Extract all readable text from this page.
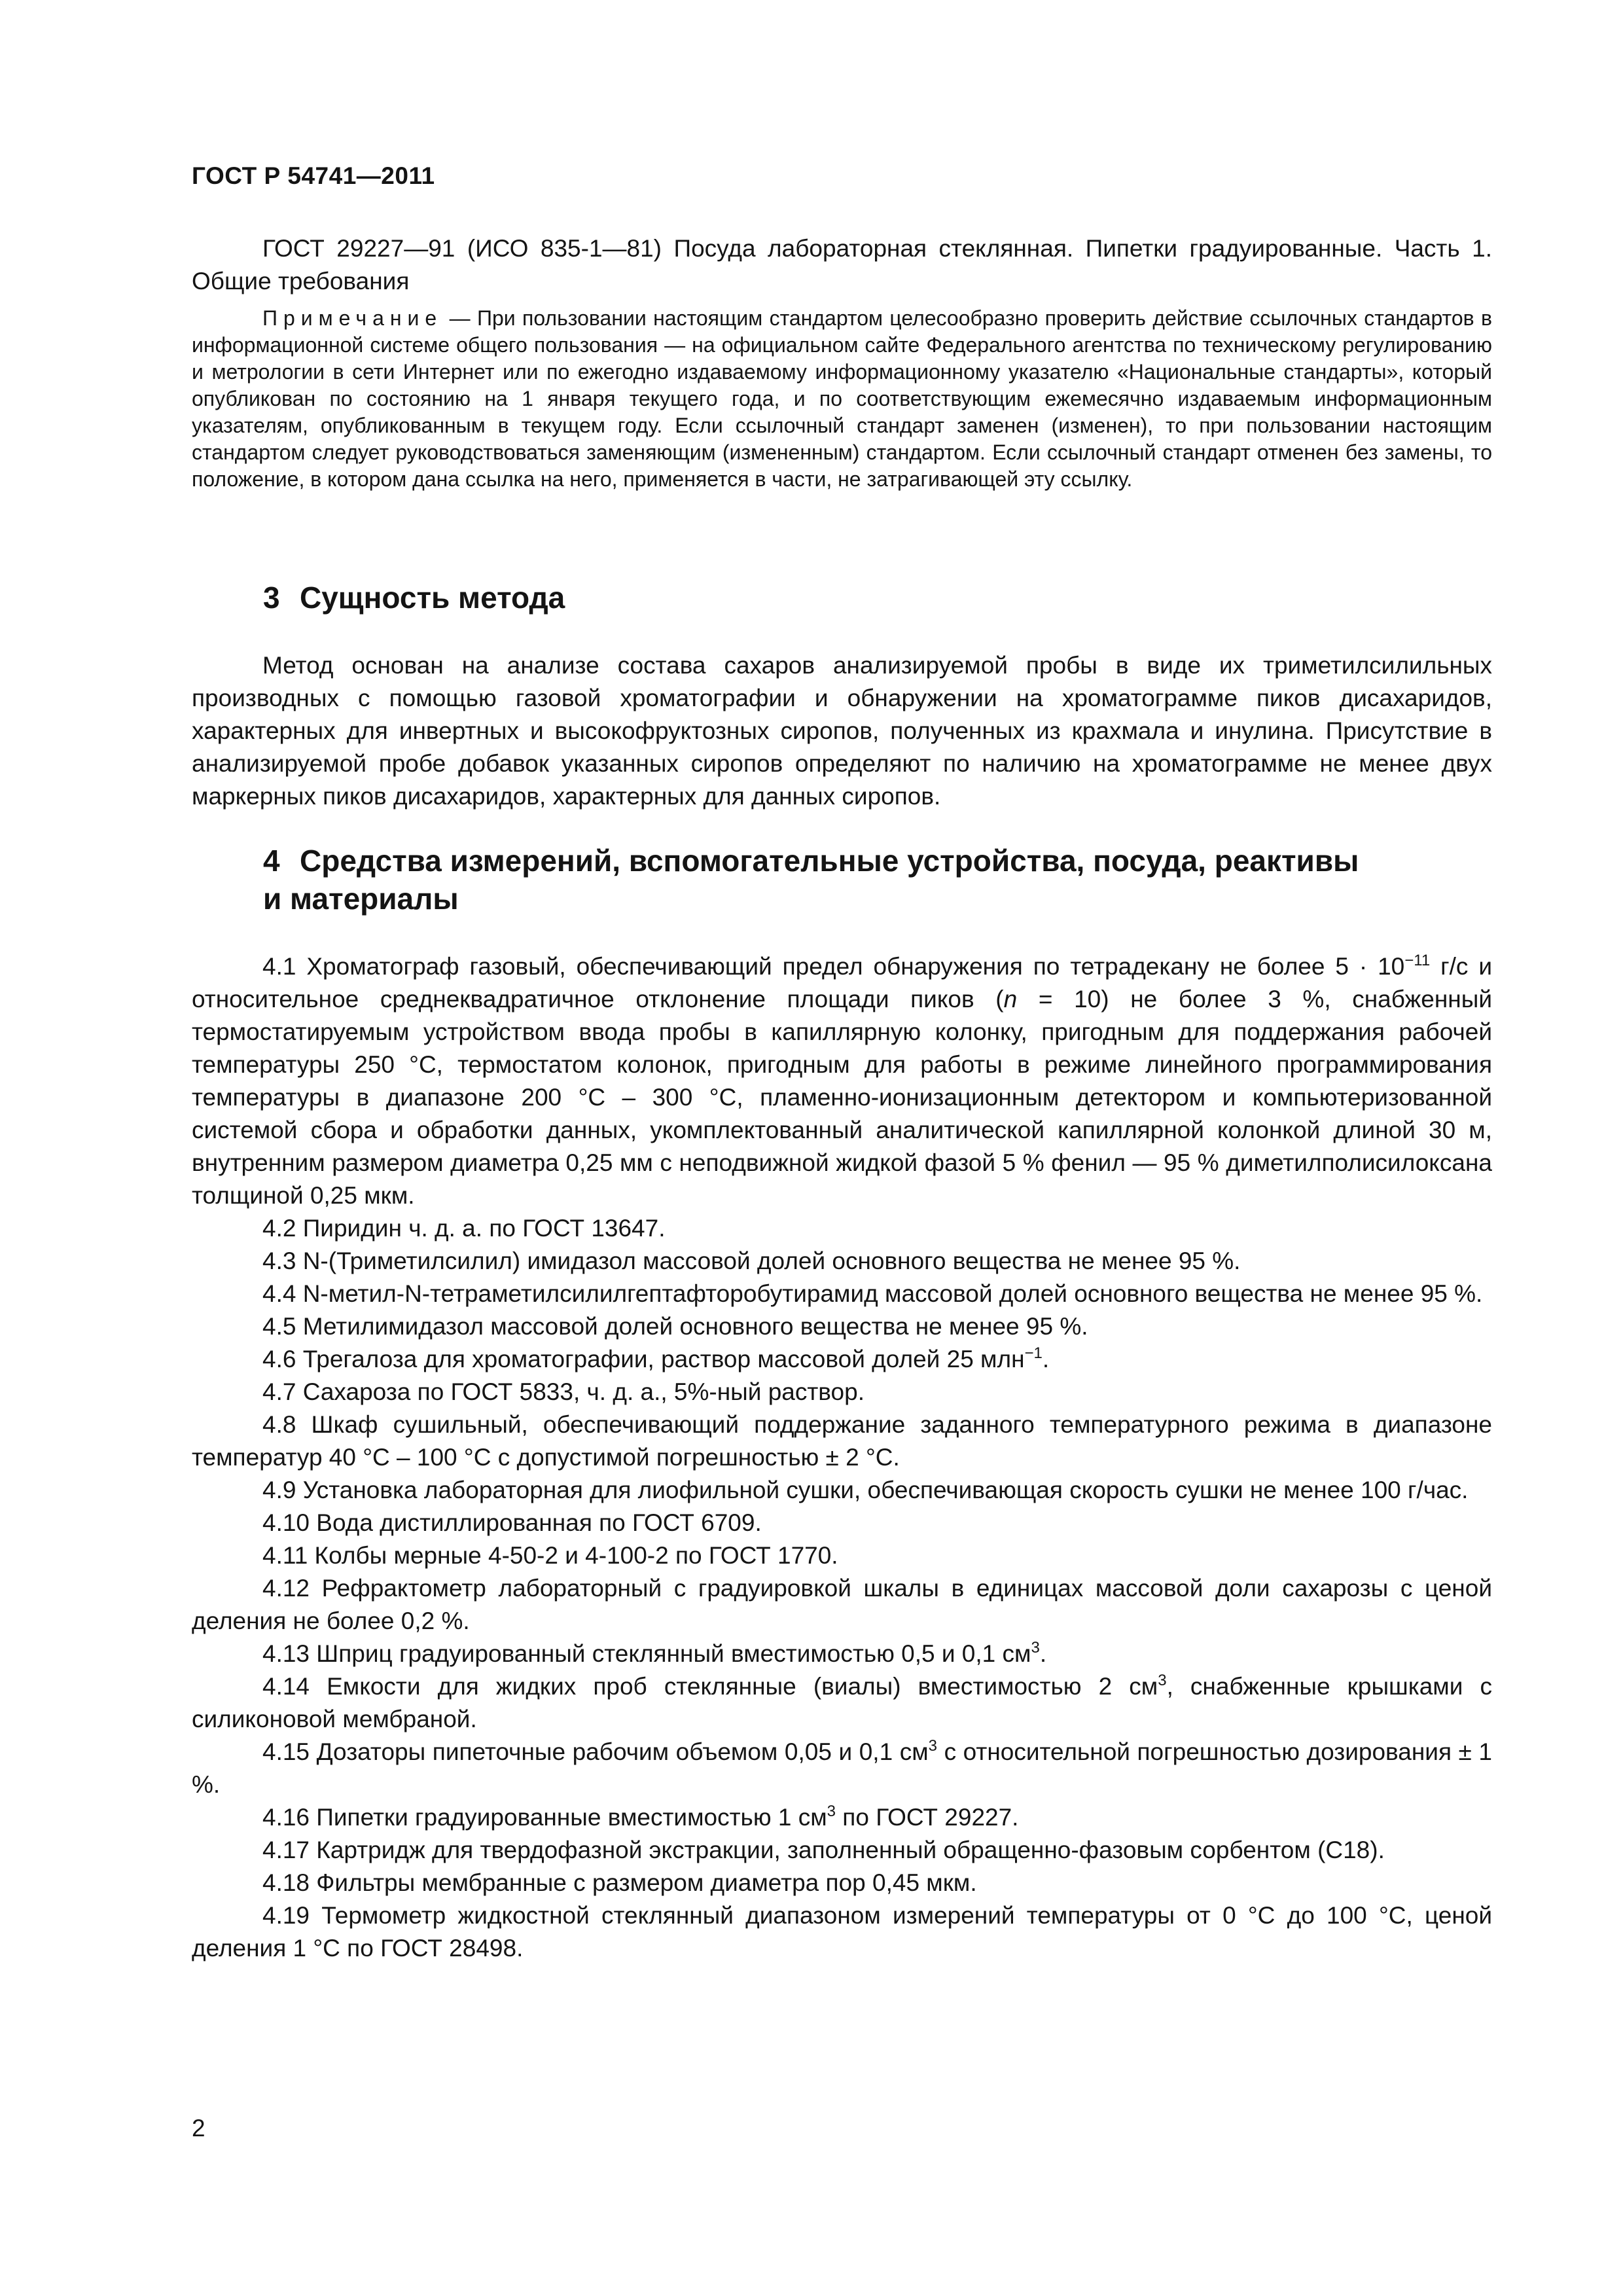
ГОСТ Р 54741—2011

ГОСТ 29227—91 (ИСО 835-1—81) Посуда лабораторная стеклянная. Пипетки градуированные. Часть 1. Общие требования

Примечание — При пользовании настоящим стандартом целесообразно проверить действие ссылочных стандартов в информационной системе общего пользования — на официальном сайте Федерального агентства по техническому регулированию и метрологии в сети Интернет или по ежегодно издаваемому информационному указателю «Национальные стандарты», который опубликован по состоянию на 1 января текущего года, и по соответствующим ежемесячно издаваемым информационным указателям, опубликованным в текущем году. Если ссылочный стандарт заменен (изменен), то при пользовании настоящим стандартом следует руководствоваться заменяющим (измененным) стандартом. Если ссылочный стандарт отменен без замены, то положение, в котором дана ссылка на него, применяется в части, не затрагивающей эту ссылку.

3 Сущность метода

Метод основан на анализе состава сахаров анализируемой пробы в виде их триметилсилильных производных с помощью газовой хроматографии и обнаружении на хроматограмме пиков дисахаридов, характерных для инвертных и высокофруктозных сиропов, полученных из крахмала и инулина. Присутствие в анализируемой пробе добавок указанных сиропов определяют по наличию на хроматограмме не менее двух маркерных пиков дисахаридов, характерных для данных сиропов.

4 Средства измерений, вспомогательные устройства, посуда, реактивы
и материалы

4.1 Хроматограф газовый, обеспечивающий предел обнаружения по тетрадекану не более $5 \cdot 10^{-11}$ г/с и относительное среднеквадратичное отклонение площади пиков (n = 10) не более 3 %, снабженный термостатируемым устройством ввода пробы в капиллярную колонку, пригодным для поддержания рабочей температуры 250 °С, термостатом колонок, пригодным для работы в режиме линейного программирования температуры в диапазоне 200 °С – 300 °С, пламенно-ионизационным детектором и компьютеризованной системой сбора и обработки данных, укомплектованный аналитической капиллярной колонкой длиной 30 м, внутренним размером диаметра 0,25 мм с неподвижной жидкой фазой 5 % фенил — 95 % диметилполисилоксана толщиной 0,25 мкм.

4.2 Пиридин ч. д. а. по ГОСТ 13647.

4.3 N-(Триметилсилил) имидазол массовой долей основного вещества не менее 95 %.

4.4 N-метил-N-тетраметилсилилгептафторобутирамид массовой долей основного вещества не менее 95 %.

4.5 Метилимидазол массовой долей основного вещества не менее 95 %.

4.6 Трегалоза для хроматографии, раствор массовой долей 25 млн$^{-1}$.

4.7 Сахароза по ГОСТ 5833, ч. д. а., 5%-ный раствор.

4.8 Шкаф сушильный, обеспечивающий поддержание заданного температурного режима в диапазоне температур 40 °С – 100 °С с допустимой погрешностью ± 2 °С.

4.9 Установка лабораторная для лиофильной сушки, обеспечивающая скорость сушки не менее 100 г/час.

4.10 Вода дистиллированная по ГОСТ 6709.

4.11 Колбы мерные 4-50-2 и 4-100-2 по ГОСТ 1770.

4.12 Рефрактометр лабораторный с градуировкой шкалы в единицах массовой доли сахарозы с ценой деления не более 0,2 %.

4.13 Шприц градуированный стеклянный вместимостью 0,5 и 0,1 $см^3$.

4.14 Емкости для жидких проб стеклянные (виалы) вместимостью 2 $см^3$, снабженные крышками с силиконовой мембраной.

4.15 Дозаторы пипеточные рабочим объемом 0,05 и 0,1 $см^3$ с относительной погрешностью дозирования ± 1 %.

4.16 Пипетки градуированные вместимостью 1 $см^3$ по ГОСТ 29227.

4.17 Картридж для твердофазной экстракции, заполненный обращенно-фазовым сорбентом (С18).

4.18 Фильтры мембранные с размером диаметра пор 0,45 мкм.

4.19 Термометр жидкостной стеклянный диапазоном измерений температуры от 0 °С до 100 °С, ценой деления 1 °С по ГОСТ 28498.

2
